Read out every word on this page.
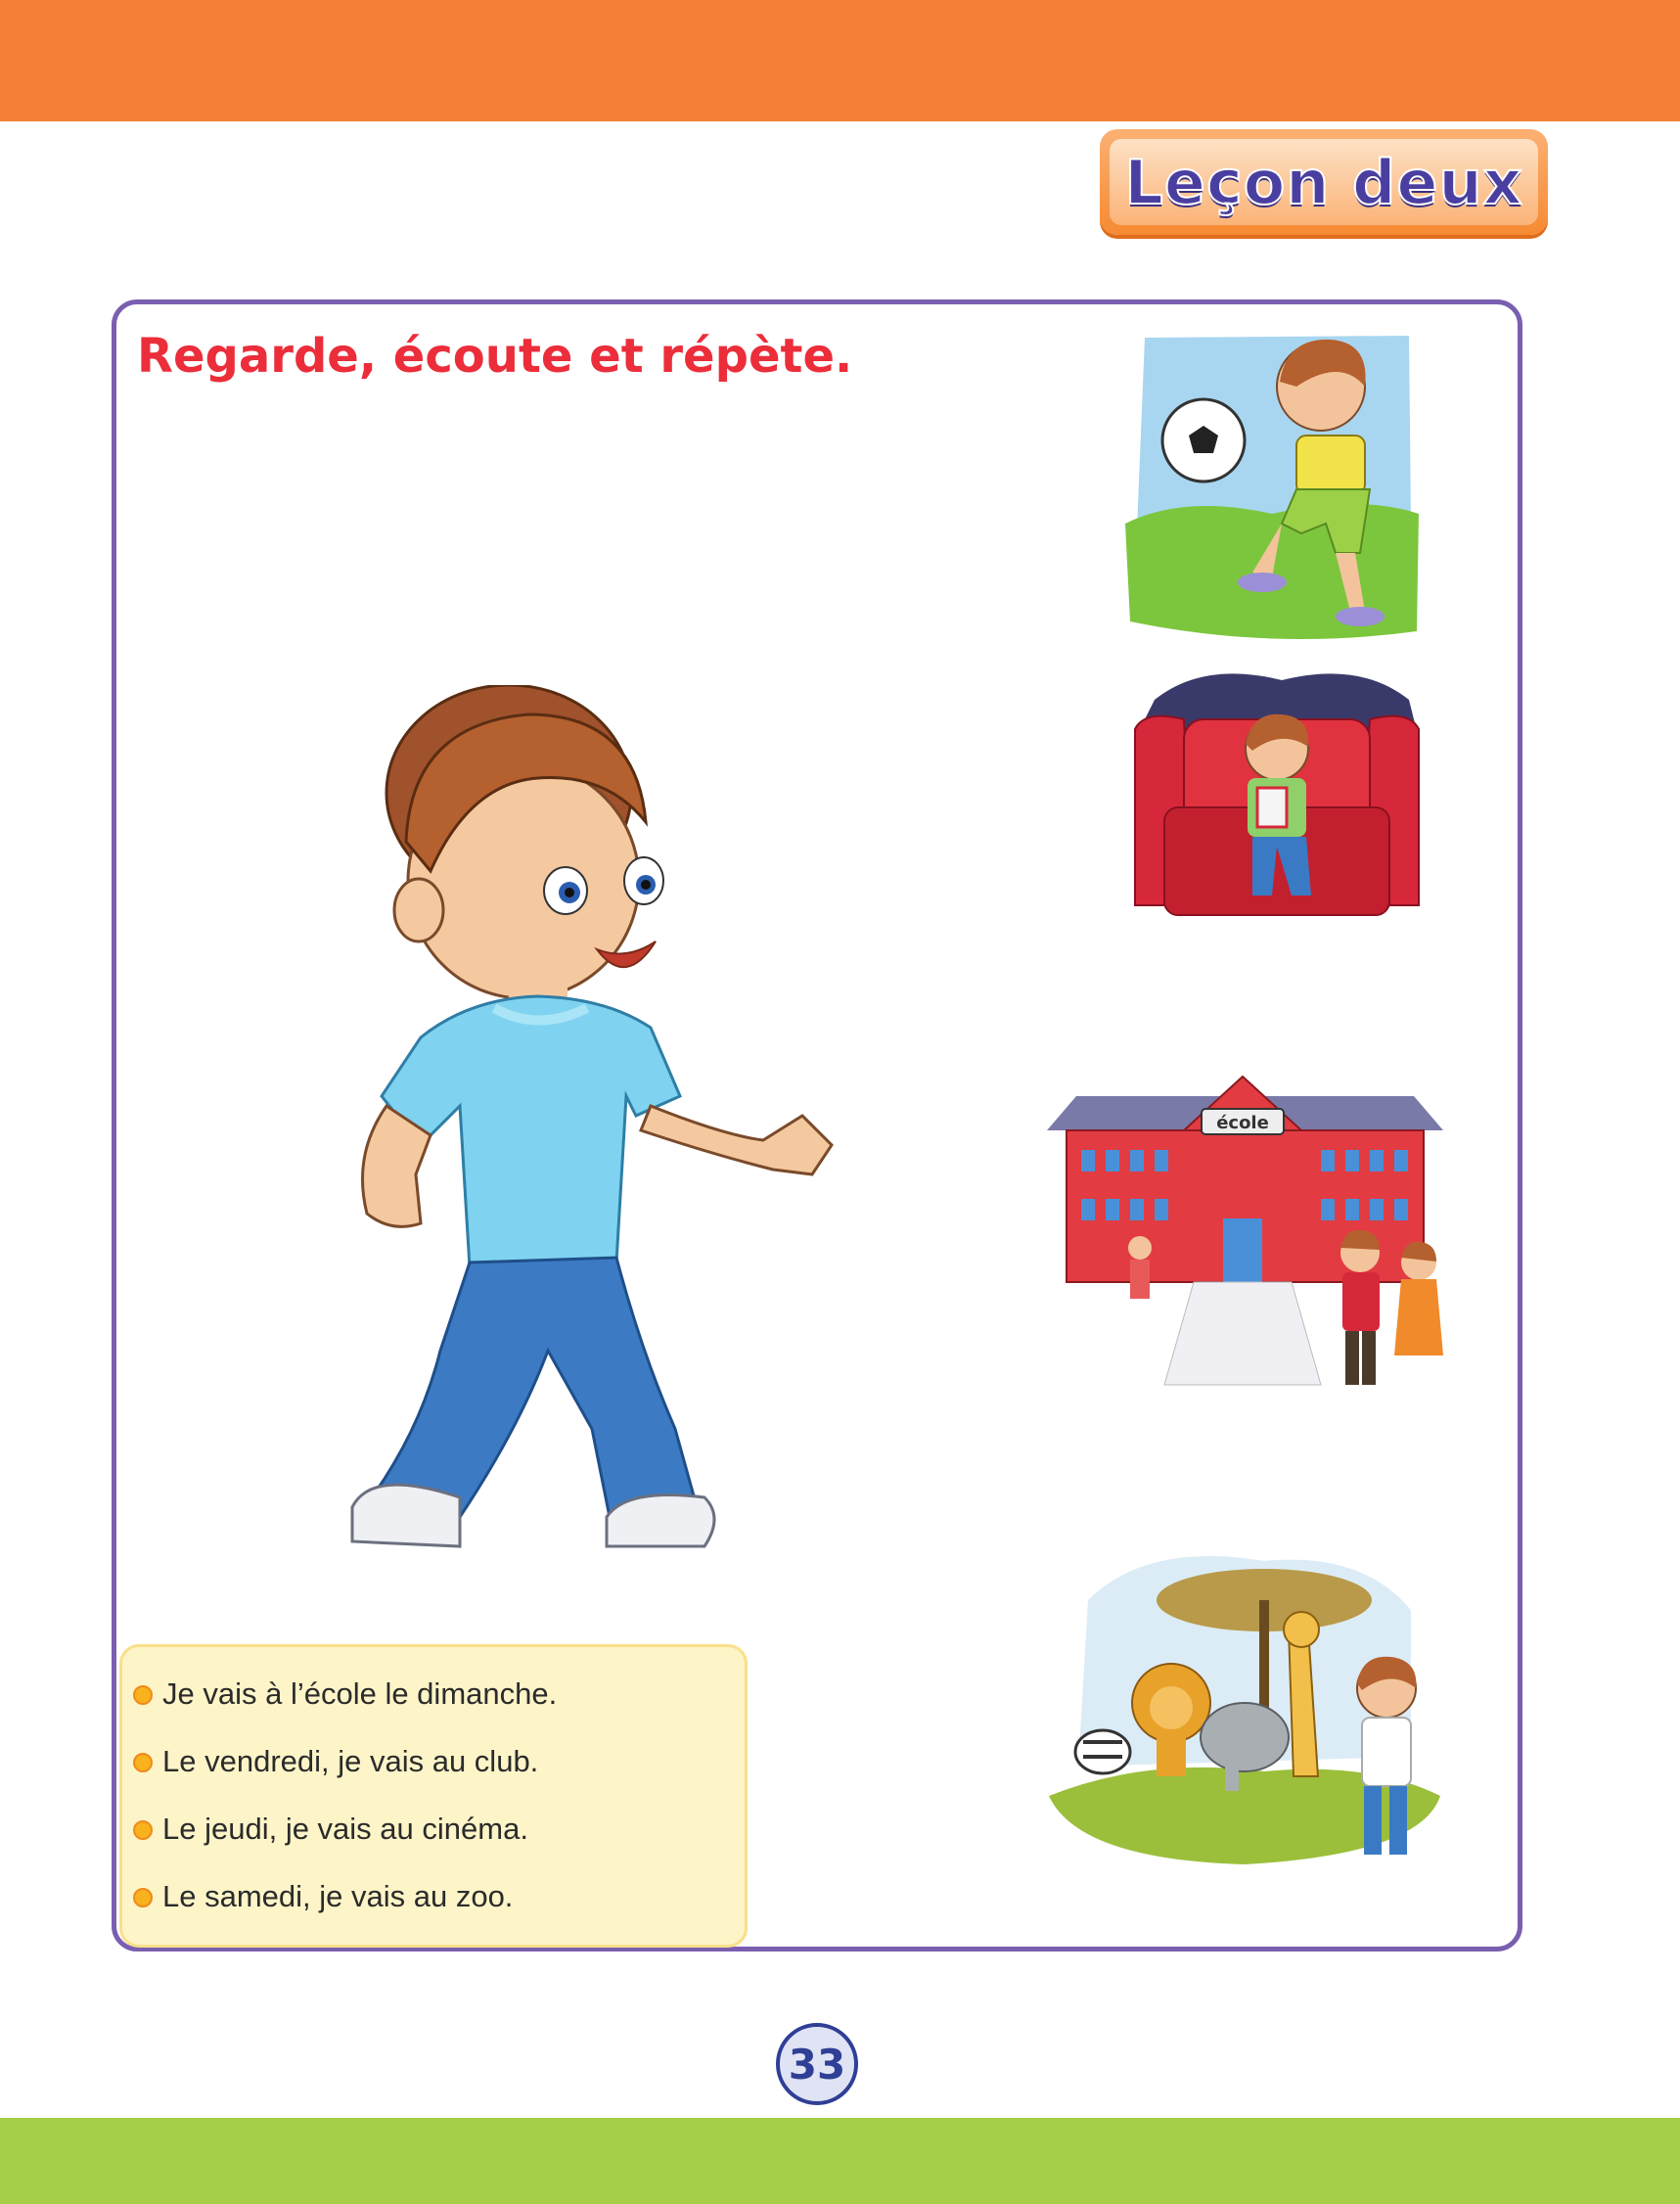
Leçon deux
Regarde, écoute et répète.
école
Je vais à l’école le dimanche.
Le vendredi, je vais au club.
Le jeudi, je vais au cinéma.
Le samedi, je vais au zoo.
33
